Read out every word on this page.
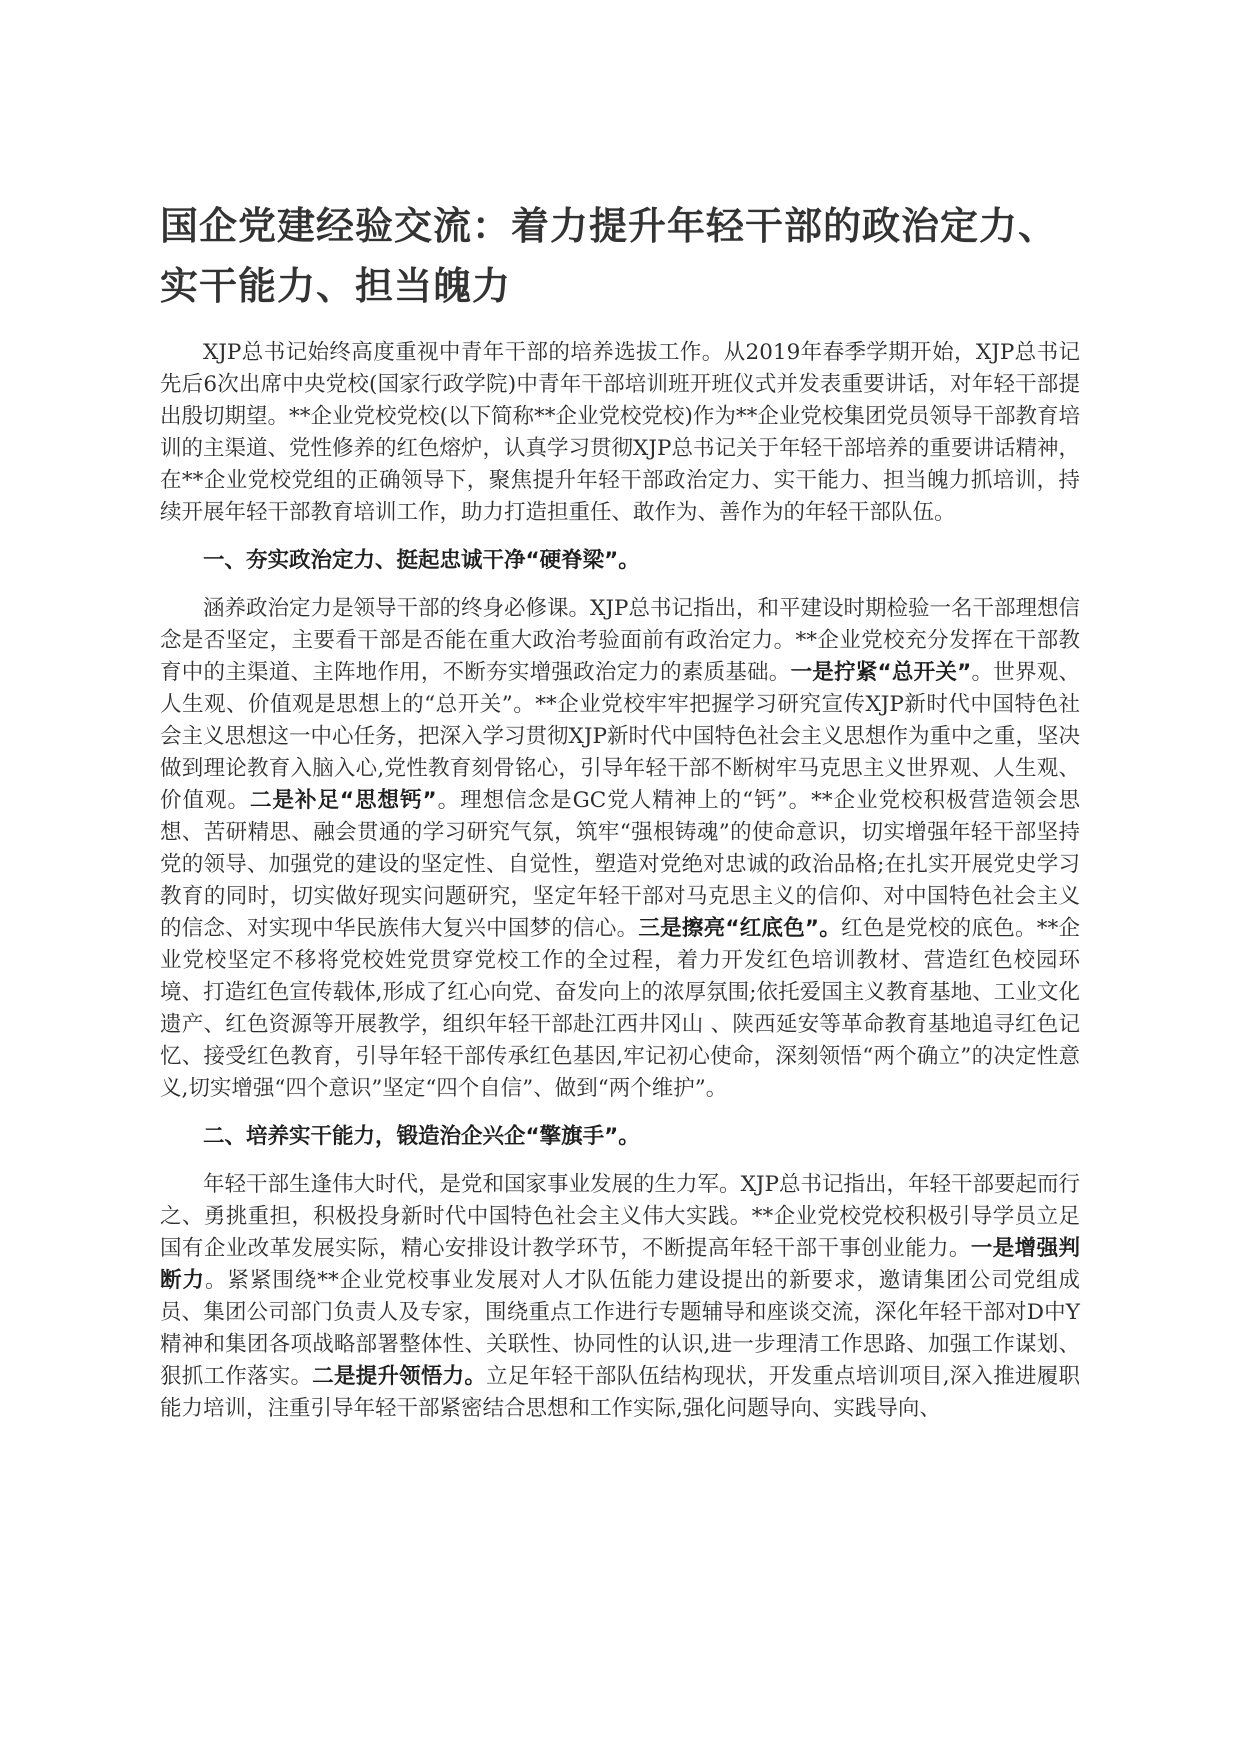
国企党建经验交流：着力提升年轻干部的政治定力、实干能力、担当魄力

XJP总书记始终高度重视中青年干部的培养选拔工作。从2019年春季学期开始，XJP总书记先后6次出席中央党校(国家行政学院)中青年干部培训班开班仪式并发表重要讲话，对年轻干部提出殷切期望。**企业党校党校(以下简称**企业党校党校)作为**企业党校集团党员领导干部教育培训的主渠道、党性修养的红色熔炉，认真学习贯彻XJP总书记关于年轻干部培养的重要讲话精神，在**企业党校党组的正确领导下，聚焦提升年轻干部政治定力、实干能力、担当魄力抓培训，持续开展年轻干部教育培训工作，助力打造担重任、敢作为、善作为的年轻干部队伍。

一、夯实政治定力、挺起忠诚干净“硬脊梁”。

涵养政治定力是领导干部的终身必修课。XJP总书记指出，和平建设时期检验一名干部理想信念是否坚定，主要看干部是否能在重大政治考验面前有政治定力。**企业党校充分发挥在干部教育中的主渠道、主阵地作用，不断夯实增强政治定力的素质基础。一是拧紧“总开关”。世界观、人生观、价值观是思想上的“总开关”。**企业党校牢牢把握学习研究宣传XJP新时代中国特色社会主义思想这一中心任务，把深入学习贯彻XJP新时代中国特色社会主义思想作为重中之重，坚决做到理论教育入脑入心,党性教育刻骨铭心，引导年轻干部不断树牢马克思主义世界观、人生观、价值观。二是补足“思想钙”。理想信念是GC党人精神上的“钙”。**企业党校积极营造领会思想、苦研精思、融会贯通的学习研究气氛，筑牢“强根铸魂”的使命意识，切实增强年轻干部坚持党的领导、加强党的建设的坚定性、自觉性，塑造对党绝对忠诚的政治品格;在扎实开展党史学习教育的同时，切实做好现实问题研究，坚定年轻干部对马克思主义的信仰、对中国特色社会主义的信念、对实现中华民族伟大复兴中国梦的信心。三是擦亮“红底色”。红色是党校的底色。**企业党校坚定不移将党校姓党贯穿党校工作的全过程，着力开发红色培训教材、营造红色校园环境、打造红色宣传载体,形成了红心向党、奋发向上的浓厚氛围;依托爱国主义教育基地、工业文化遗产、红色资源等开展教学，组织年轻干部赴江西井冈山 、陕西延安等革命教育基地追寻红色记忆、接受红色教育，引导年轻干部传承红色基因,牢记初心使命，深刻领悟“两个确立”的决定性意义,切实增强“四个意识”坚定“四个自信”、做到“两个维护”。

二、培养实干能力，锻造治企兴企“擎旗手”。

年轻干部生逢伟大时代，是党和国家事业发展的生力军。XJP总书记指出，年轻干部要起而行之、勇挑重担，积极投身新时代中国特色社会主义伟大实践。**企业党校党校积极引导学员立足国有企业改革发展实际，精心安排设计教学环节，不断提高年轻干部干事创业能力。一是增强判断力。紧紧围绕**企业党校事业发展对人才队伍能力建设提出的新要求，邀请集团公司党组成员、集团公司部门负责人及专家，围绕重点工作进行专题辅导和座谈交流，深化年轻干部对D中Y精神和集团各项战略部署整体性、关联性、协同性的认识,进一步理清工作思路、加强工作谋划、狠抓工作落实。二是提升领悟力。立足年轻干部队伍结构现状，开发重点培训项目,深入推进履职能力培训，注重引导年轻干部紧密结合思想和工作实际,强化问题导向、实践导向、
